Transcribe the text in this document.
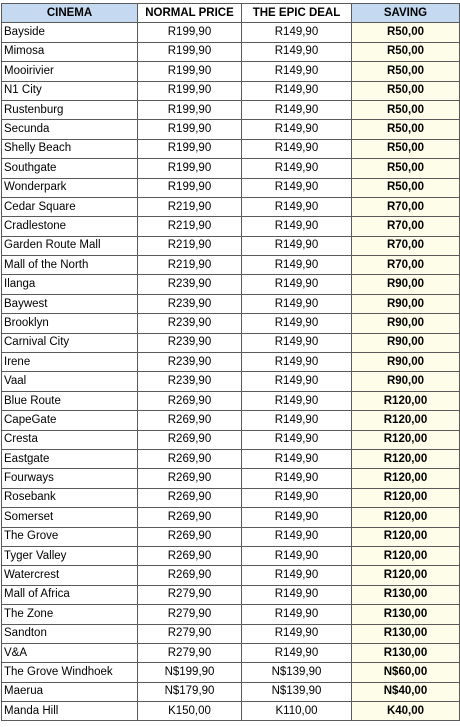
CINEMA	NORMAL PRICE	THE EPIC DEAL	SAVING
Bayside	R199,90	R149,90	R50,00
Mimosa	R199,90	R149,90	R50,00
Mooirivier	R199,90	R149,90	R50,00
N1 City	R199,90	R149,90	R50,00
Rustenburg	R199,90	R149,90	R50,00
Secunda	R199,90	R149,90	R50,00
Shelly Beach	R199,90	R149,90	R50,00
Southgate	R199,90	R149,90	R50,00
Wonderpark	R199,90	R149,90	R50,00
Cedar Square	R219,90	R149,90	R70,00
Cradlestone	R219,90	R149,90	R70,00
Garden Route Mall	R219,90	R149,90	R70,00
Mall of the North	R219,90	R149,90	R70,00
Ilanga	R239,90	R149,90	R90,00
Baywest	R239,90	R149,90	R90,00
Brooklyn	R239,90	R149,90	R90,00
Carnival City	R239,90	R149,90	R90,00
Irene	R239,90	R149,90	R90,00
Vaal	R239,90	R149,90	R90,00
Blue Route	R269,90	R149,90	R120,00
CapeGate	R269,90	R149,90	R120,00
Cresta	R269,90	R149,90	R120,00
Eastgate	R269,90	R149,90	R120,00
Fourways	R269,90	R149,90	R120,00
Rosebank	R269,90	R149,90	R120,00
Somerset	R269,90	R149,90	R120,00
The Grove	R269,90	R149,90	R120,00
Tyger Valley	R269,90	R149,90	R120,00
Watercrest	R269,90	R149,90	R120,00
Mall of Africa	R279,90	R149,90	R130,00
The Zone	R279,90	R149,90	R130,00
Sandton	R279,90	R149,90	R130,00
V&A	R279,90	R149,90	R130,00
The Grove Windhoek	N$199,90	N$139,90	N$60,00
Maerua	N$179,90	N$139,90	N$40,00
Manda Hill	K150,00	K110,00	K40,00
